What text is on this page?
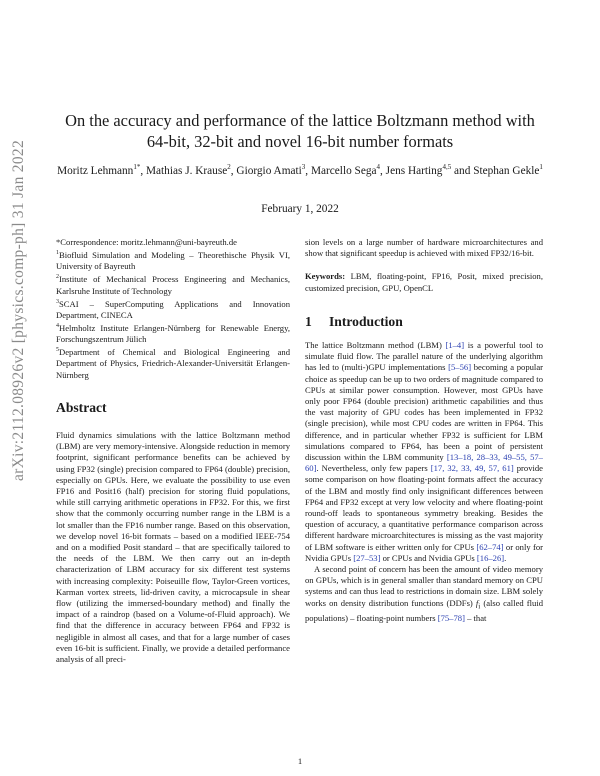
arXiv:2112.08926v2 [physics.comp-ph] 31 Jan 2022
On the accuracy and performance of the lattice Boltzmann method with 64-bit, 32-bit and novel 16-bit number formats
Moritz Lehmann$^{1*}$, Mathias J. Krause$^2$, Giorgio Amati$^3$, Marcello Sega$^4$, Jens Harting$^{4,5}$ and Stephan Gekle$^1$
February 1, 2022

*Correspondence: moritz.lehmann@uni-bayreuth.de

$^1$Biofluid Simulation and Modeling – Theorethische Physik VI, University of Bayreuth

$^2$Institute of Mechanical Process Engineering and Mechanics, Karlsruhe Institute of Technology

$^3$SCAI – SuperComputing Applications and Innovation Department, CINECA

$^4$Helmholtz Institute Erlangen-Nürnberg for Renewable Energy, Forschungszentrum Jülich

$^5$Department of Chemical and Biological Engineering and Department of Physics, Friedrich-Alexander-Universität Erlangen-Nürnberg

Abstract

Fluid dynamics simulations with the lattice Boltzmann method (LBM) are very memory-intensive. Alongside reduction in memory footprint, significant performance benefits can be achieved by using FP32 (single) precision compared to FP64 (double) precision, especially on GPUs. Here, we evaluate the possibility to use even FP16 and Posit16 (half) precision for storing fluid populations, while still carrying arithmetic operations in FP32. For this, we first show that the commonly occurring number range in the LBM is a lot smaller than the FP16 number range. Based on this observation, we develop novel 16-bit formats – based on a modified IEEE-754 and on a modified Posit standard – that are specifically tailored to the needs of the LBM. We then carry out an in-depth characterization of LBM accuracy for six different test systems with increasing complexity: Poiseuille flow, Taylor-Green vortices, Karman vortex streets, lid-driven cavity, a microcapsule in shear flow (utilizing the immersed-boundary method) and finally the impact of a raindrop (based on a Volume-of-Fluid approach). We find that the difference in accuracy between FP64 and FP32 is negligible in almost all cases, and that for a large number of cases even 16-bit is sufficient. Finally, we provide a detailed performance analysis of all preci-

sion levels on a large number of hardware microarchitectures and show that significant speedup is achieved with mixed FP32/16-bit.

Keywords: LBM, floating-point, FP16, Posit, mixed precision, customized precision, GPU, OpenCL

1	Introduction

The lattice Boltzmann method (LBM) [1–4] is a powerful tool to simulate fluid flow. The parallel nature of the underlying algorithm has led to (multi-)GPU implementations [5–56] becoming a popular choice as speedup can be up to two orders of magnitude compared to CPUs at similar power consumption. However, most GPUs have only poor FP64 (double precision) arithmetic capabilities and thus the vast majority of GPU codes has been implemented in FP32 (single precision), while most CPU codes are written in FP64. This difference, and in particular whether FP32 is sufficient for LBM simulations compared to FP64, has been a point of persistent discussion within the LBM community [13–18, 28–33, 49–55, 57–60]. Nevertheless, only few papers [17, 32, 33, 49, 57, 61] provide some comparison on how floating-point formats affect the accuracy of the LBM and mostly find only insignificant differences between FP64 and FP32 except at very low velocity and where floating-point round-off leads to spontaneous symmetry breaking. Besides the question of accuracy, a quantitative performance comparison across different hardware microarchitectures is missing as the vast majority of LBM software is either written only for CPUs [62–74] or only for Nvidia GPUs [27–53] or CPUs and Nvidia GPUs [16–26].

A second point of concern has been the amount of video memory on GPUs, which is in general smaller than standard memory on CPU systems and can thus lead to restrictions in domain size. LBM solely works on density distribution functions (DDFs) $f_i$ (also called fluid populations) – floating-point numbers [75–78] – that

1
